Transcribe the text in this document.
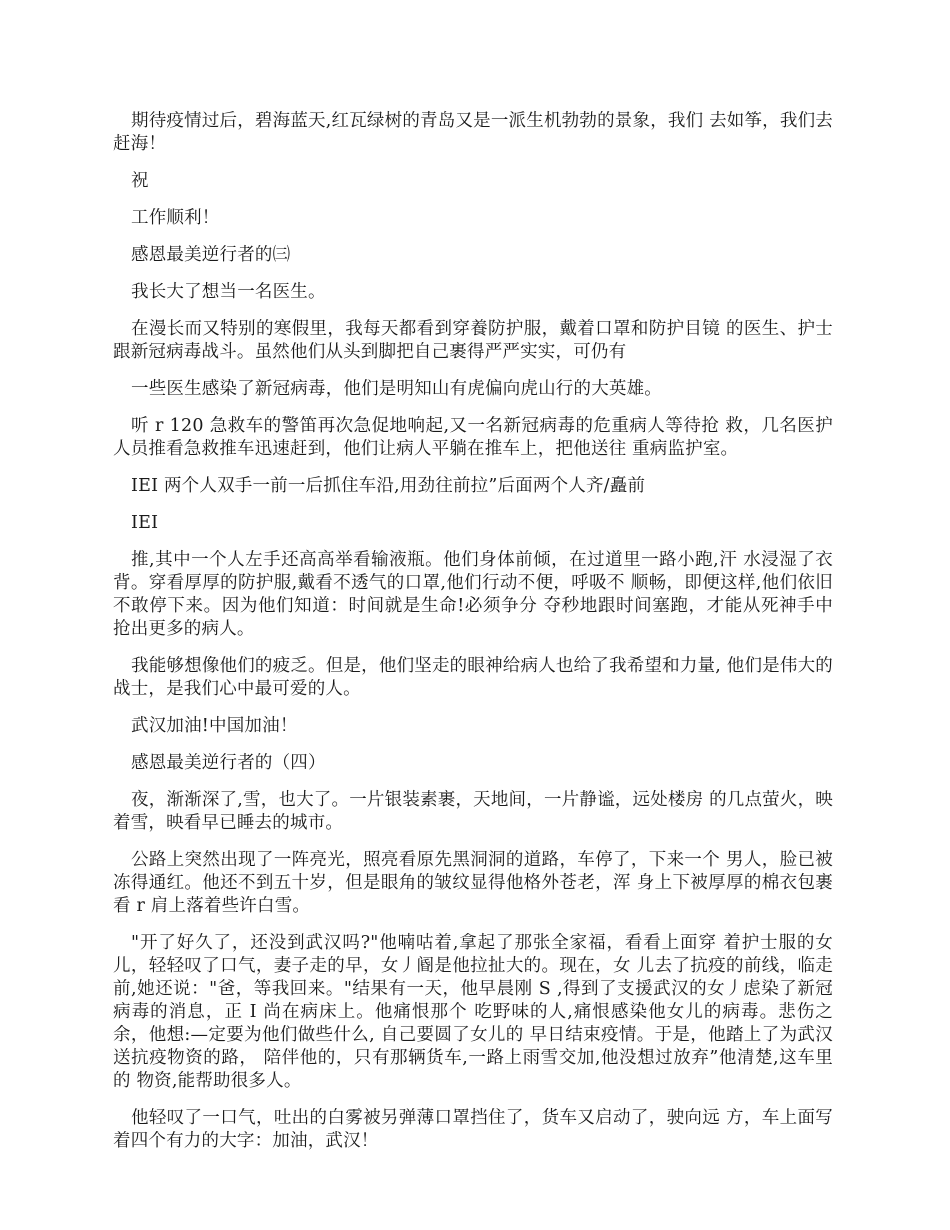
期待疫情过后，碧海蓝天,红瓦绿树的青岛又是一派生机勃勃的景象，我们 去如筝，我们去赶海！

祝

工作顺利！

感恩最美逆行者的㈢

我长大了想当一名医生。

在漫长而又特别的寒假里，我每天都看到穿養防护服，戴着口罩和防护目镜 的医生、护士跟新冠病毒战斗。虽然他们从头到脚把自己裹得严严实实，可仍有

一些医生感染了新冠病毒，他们是明知山有虎偏向虎山行的大英雄。

听 r 120 急救车的警笛再次急促地响起,又一名新冠病毒的危重病人等待抢 救，几名医护人员推看急救推车迅速赶到，他们让病人平躺在推车上，把他送往 重病监护室。

IEI 两个人双手一前一后抓住车沿,用劲往前拉”后面两个人齐/矗前

IEI

推,其中一个人左手还高高举看输液瓶。他们身体前倾，在过道里一路小跑,汗 水浸湿了衣背。穿看厚厚的防护服,戴看不透气的口罩,他们行动不便，呼吸不 顺畅，即便这样,他们依旧不敢停下来。因为他们知道：时间就是生命!必须争分 夺秒地跟时间塞跑，才能从死神手中抢出更多的病人。

我能够想像他们的疲乏。但是，他们坚走的眼神给病人也给了我希望和力量, 他们是伟大的战士，是我们心中最可爱的人。

武汉加油!中国加油！

感恩最美逆行者的（四）

夜，渐渐深了,雪，也大了。一片银装素裹，天地间，一片静谧，远处楼房 的几点萤火，映着雪，映看早已睡去的城市。

公路上突然出现了一阵亮光，照亮看原先黑洞洞的道路，车停了，下来一个 男人，脸已被冻得通红。他还不到五十岁，但是眼角的皱纹显得他格外苍老，浑 身上下被厚厚的棉衣包裹看 r 肩上落着些许白雪。

"开了好久了，还没到武汉吗?"他喃咕着,拿起了那张全家福，看看上面穿 着护士服的女儿，轻轻叹了口气，妻子走的早，女丿阍是他拉扯大的。现在，女 儿去了抗疫的前线，临走前,她还说："爸，等我回来。"结果有一天，他早晨刚 S ,得到了支援武汉的女丿虑染了新冠病毒的消息，正 I 尚在病床上。他痛恨那个 吃野味的人,痛恨感染他女儿的病毒。悲伤之余，他想:—定要为他们做些什么, 自己要圆了女儿的 早日结束疫情。于是，他踏上了为武汉送抗疫物资的路， 陪伴他的，只有那辆货车,一路上雨雪交加,他没想过放弃”他清楚,这车里的 物资,能帮助很多人。

他轻叹了一口气，吐出的白雾被另弹薄口罩挡住了，货车又启动了，驶向远 方，车上面写着四个有力的大字：加油，武汉！
